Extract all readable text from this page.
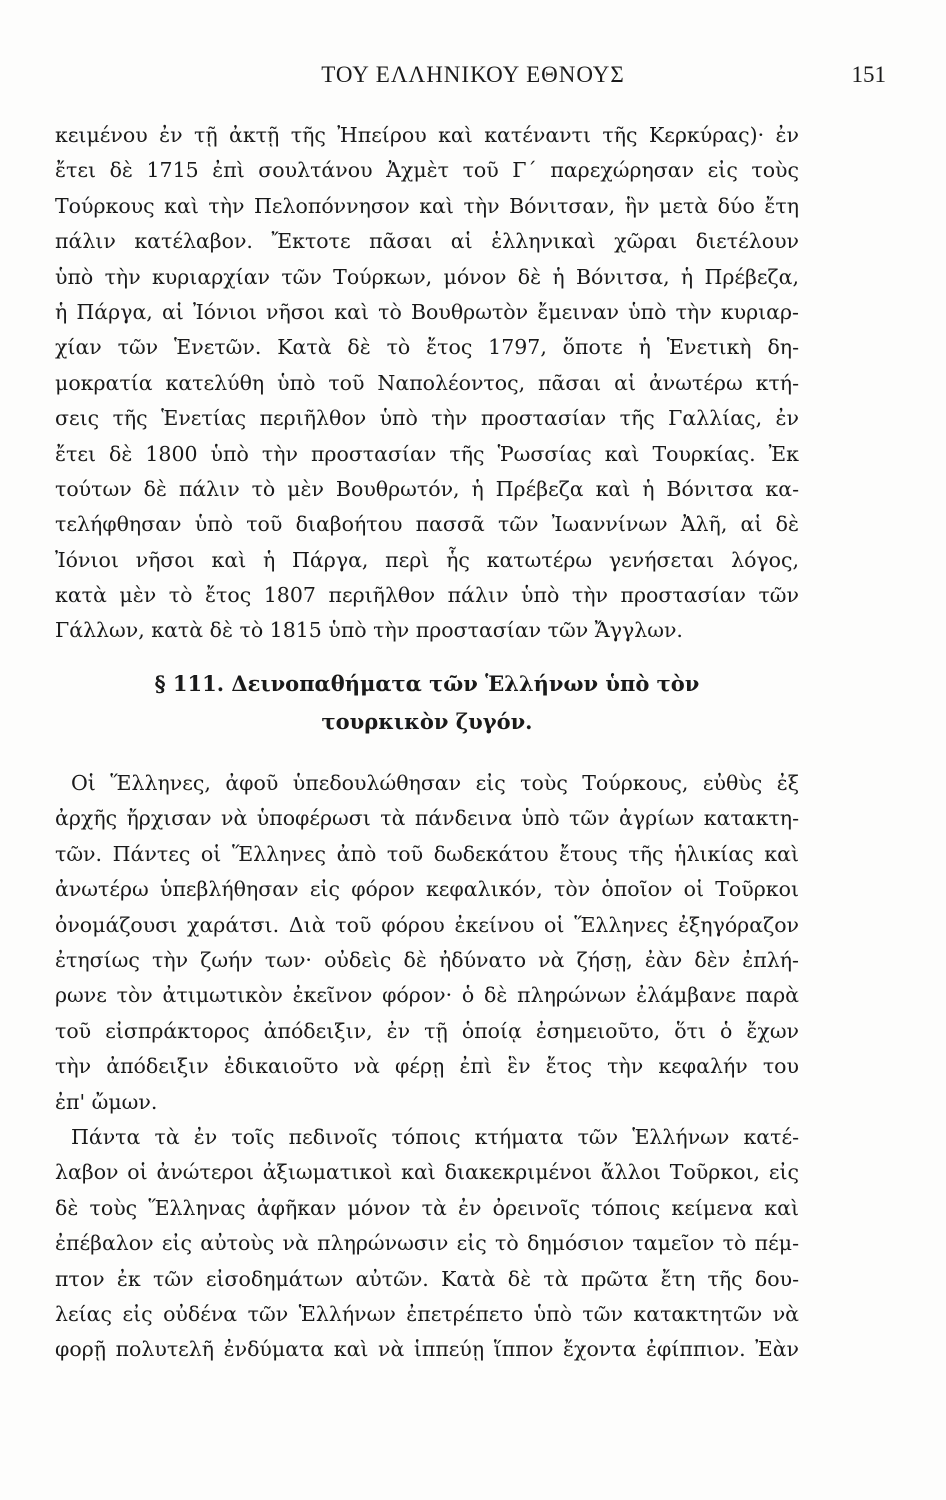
ΤΟΥ ΕΛΛΗΝΙΚΟΥ ΕΘΝΟΥΣ	151
κειμένου ἐν τῇ ἀκτῇ τῆς Ἠπείρου καὶ κατέναντι τῆς Κερκύρας)· ἐν
ἔτει δὲ 1715 ἐπὶ σουλτάνου Ἀχμὲτ τοῦ Γ΄ παρεχώρησαν εἰς τοὺς
Τούρκους καὶ τὴν Πελοπόννησον καὶ τὴν Βόνιτσαν, ἣν μετὰ δύο ἔτη
πάλιν κατέλαβον. Ἔκτοτε πᾶσαι αἱ ἑλληνικαὶ χῶραι διετέλουν
ὑπὸ τὴν κυριαρχίαν τῶν Τούρκων, μόνον δὲ ἡ Βόνιτσα, ἡ Πρέβεζα,
ἡ Πάργα, αἱ Ἰόνιοι νῆσοι καὶ τὸ Βουθρωτὸν ἔμειναν ὑπὸ τὴν κυριαρ-
χίαν τῶν Ἑνετῶν. Κατὰ δὲ τὸ ἔτος 1797, ὅποτε ἡ Ἑνετικὴ δη-
μοκρατία κατελύθη ὑπὸ τοῦ Ναπολέοντος, πᾶσαι αἱ ἀνωτέρω κτή-
σεις τῆς Ἑνετίας περιῆλθον ὑπὸ τὴν προστασίαν τῆς Γαλλίας, ἐν
ἔτει δὲ 1800 ὑπὸ τὴν προστασίαν τῆς Ῥωσσίας καὶ Τουρκίας. Ἐκ
τούτων δὲ πάλιν τὸ μὲν Βουθρωτόν, ἡ Πρέβεζα καὶ ἡ Βόνιτσα κα-
τελήφθησαν ὑπὸ τοῦ διαβοήτου πασσᾶ τῶν Ἰωαννίνων Ἀλῆ, αἱ δὲ
Ἰόνιοι νῆσοι καὶ ἡ Πάργα, περὶ ἧς κατωτέρω γενήσεται λόγος,
κατὰ μὲν τὸ ἔτος 1807 περιῆλθον πάλιν ὑπὸ τὴν προστασίαν τῶν
Γάλλων, κατὰ δὲ τὸ 1815 ὑπὸ τὴν προστασίαν τῶν Ἄγγλων.
§ 111. Δεινοπαθήματα τῶν Ἑλλήνων ὑπὸ τὸν
τουρκικὸν ζυγόν.
Οἱ Ἕλληνες, ἀφοῦ ὑπεδουλώθησαν εἰς τοὺς Τούρκους, εὐθὺς ἐξ
ἀρχῆς ἤρχισαν νὰ ὑποφέρωσι τὰ πάνδεινα ὑπὸ τῶν ἀγρίων κατακτη-
τῶν. Πάντες οἱ Ἕλληνες ἀπὸ τοῦ δωδεκάτου ἔτους τῆς ἡλικίας καὶ
ἀνωτέρω ὑπεβλήθησαν εἰς φόρον κεφαλικόν, τὸν ὁποῖον οἱ Τοῦρκοι
ὀνομάζουσι χαράτσι. Διὰ τοῦ φόρου ἐκείνου οἱ Ἕλληνες ἐξηγόραζον
ἐτησίως τὴν ζωήν των· οὐδεὶς δὲ ἠδύνατο νὰ ζήσῃ, ἐὰν δὲν ἐπλή-
ρωνε τὸν ἀτιμωτικὸν ἐκεῖνον φόρον· ὁ δὲ πληρώνων ἐλάμβανε παρὰ
τοῦ εἰσπράκτορος ἀπόδειξιν, ἐν τῇ ὁποίᾳ ἐσημειοῦτο, ὅτι ὁ ἔχων
τὴν ἀπόδειξιν ἐδικαιοῦτο νὰ φέρῃ ἐπὶ ἓν ἔτος τὴν κεφαλήν του
ἐπ' ὤμων.
Πάντα τὰ ἐν τοῖς πεδινοῖς τόποις κτήματα τῶν Ἑλλήνων κατέ-
λαβον οἱ ἀνώτεροι ἀξιωματικοὶ καὶ διακεκριμένοι ἄλλοι Τοῦρκοι, εἰς
δὲ τοὺς Ἕλληνας ἀφῆκαν μόνον τὰ ἐν ὀρεινοῖς τόποις κείμενα καὶ
ἐπέβαλον εἰς αὐτοὺς νὰ πληρώνωσιν εἰς τὸ δημόσιον ταμεῖον τὸ πέμ-
πτον ἐκ τῶν εἰσοδημάτων αὐτῶν. Κατὰ δὲ τὰ πρῶτα ἔτη τῆς δου-
λείας εἰς οὐδένα τῶν Ἑλλήνων ἐπετρέπετο ὑπὸ τῶν κατακτητῶν νὰ
φορῇ πολυτελῆ ἐνδύματα καὶ νὰ ἱππεύῃ ἵππον ἔχοντα ἐφίππιον. Ἐὰν
